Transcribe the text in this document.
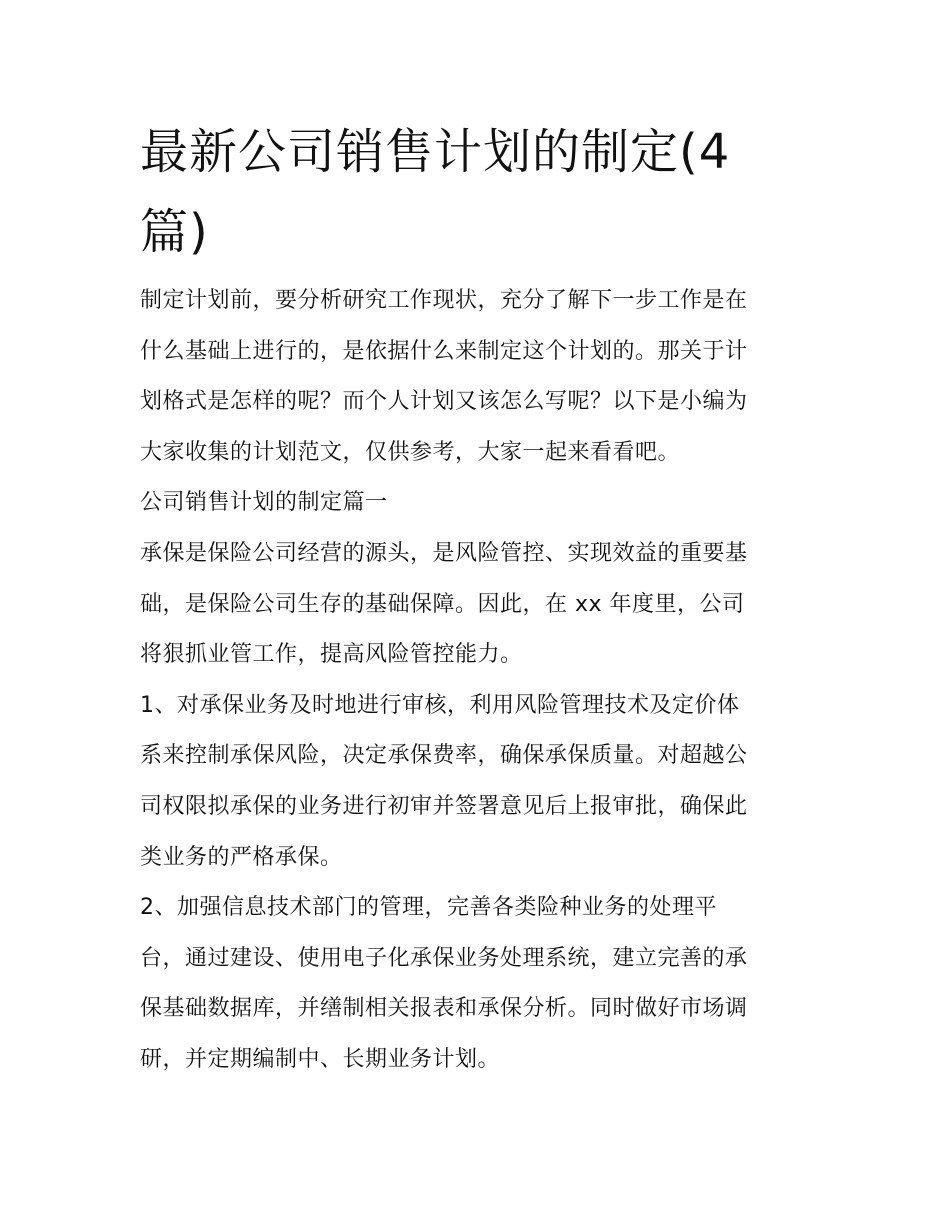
最新公司销售计划的制定(4
篇)
制定计划前，要分析研究工作现状，充分了解下一步工作是在
什么基础上进行的，是依据什么来制定这个计划的。那关于计
划格式是怎样的呢？而个人计划又该怎么写呢？以下是小编为
大家收集的计划范文，仅供参考，大家一起来看看吧。
公司销售计划的制定篇一
承保是保险公司经营的源头，是风险管控、实现效益的重要基
础，是保险公司生存的基础保障。因此，在 xx 年度里，公司
将狠抓业管工作，提高风险管控能力。
1、对承保业务及时地进行审核，利用风险管理技术及定价体
系来控制承保风险，决定承保费率，确保承保质量。对超越公
司权限拟承保的业务进行初审并签署意见后上报审批，确保此
类业务的严格承保。
2、加强信息技术部门的管理，完善各类险种业务的处理平
台，通过建设、使用电子化承保业务处理系统，建立完善的承
保基础数据库，并缮制相关报表和承保分析。同时做好市场调
研，并定期编制中、长期业务计划。
